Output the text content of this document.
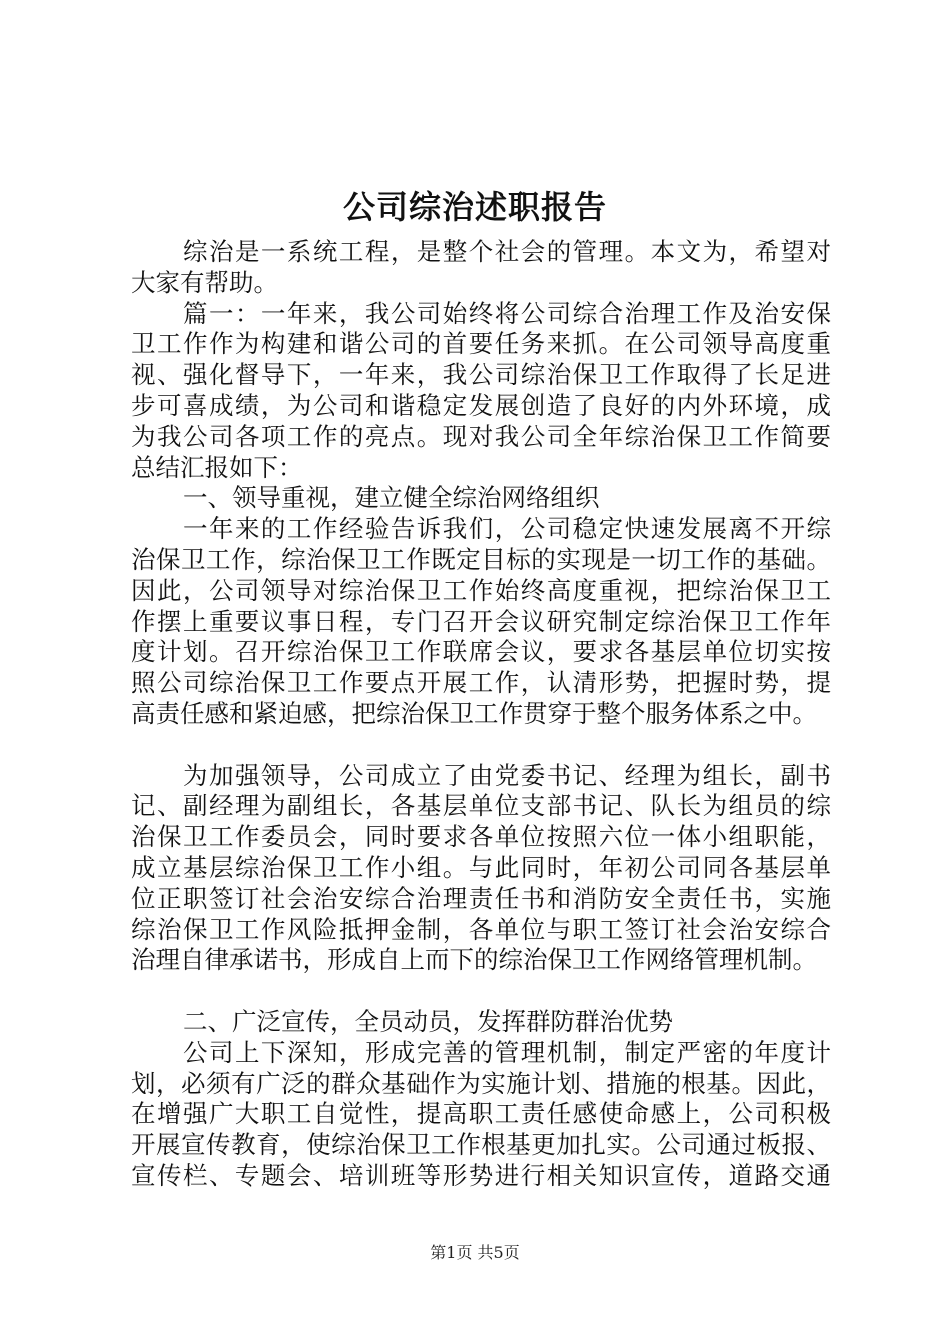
公司综治述职报告
综治是一系统工程，是整个社会的管理。本文为，希望对
大家有帮助。
篇一：一年来，我公司始终将公司综合治理工作及治安保
卫工作作为构建和谐公司的首要任务来抓。在公司领导高度重
视、强化督导下，一年来，我公司综治保卫工作取得了长足进
步可喜成绩，为公司和谐稳定发展创造了良好的内外环境，成
为我公司各项工作的亮点。现对我公司全年综治保卫工作简要
总结汇报如下：
一、领导重视，建立健全综治网络组织
一年来的工作经验告诉我们，公司稳定快速发展离不开综
治保卫工作，综治保卫工作既定目标的实现是一切工作的基础。
因此，公司领导对综治保卫工作始终高度重视，把综治保卫工
作摆上重要议事日程，专门召开会议研究制定综治保卫工作年
度计划。召开综治保卫工作联席会议，要求各基层单位切实按
照公司综治保卫工作要点开展工作，认清形势，把握时势，提
高责任感和紧迫感，把综治保卫工作贯穿于整个服务体系之中。
为加强领导，公司成立了由党委书记、经理为组长，副书
记、副经理为副组长，各基层单位支部书记、队长为组员的综
治保卫工作委员会，同时要求各单位按照六位一体小组职能，
成立基层综治保卫工作小组。与此同时，年初公司同各基层单
位正职签订社会治安综合治理责任书和消防安全责任书，实施
综治保卫工作风险抵押金制，各单位与职工签订社会治安综合
治理自律承诺书，形成自上而下的综治保卫工作网络管理机制。
二、广泛宣传，全员动员，发挥群防群治优势
公司上下深知，形成完善的管理机制，制定严密的年度计
划，必须有广泛的群众基础作为实施计划、措施的根基。因此，
在增强广大职工自觉性，提高职工责任感使命感上，公司积极
开展宣传教育，使综治保卫工作根基更加扎实。公司通过板报、
宣传栏、专题会、培训班等形势进行相关知识宣传，道路交通
第1页 共5页
